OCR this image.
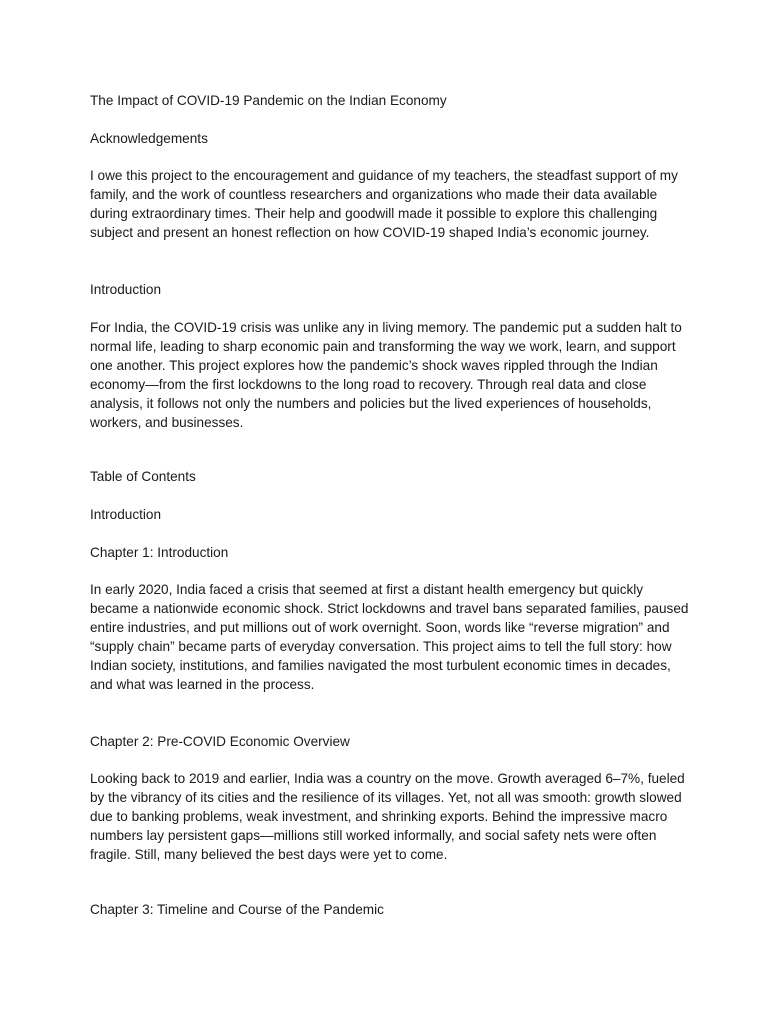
The Impact of COVID-19 Pandemic on the Indian Economy

Acknowledgements

I owe this project to the encouragement and guidance of my teachers, the steadfast support of my family, and the work of countless researchers and organizations who made their data available during extraordinary times. Their help and goodwill made it possible to explore this challenging subject and present an honest reflection on how COVID-19 shaped India’s economic journey.

Introduction

For India, the COVID-19 crisis was unlike any in living memory. The pandemic put a sudden halt to normal life, leading to sharp economic pain and transforming the way we work, learn, and support one another. This project explores how the pandemic’s shock waves rippled through the Indian economy—from the first lockdowns to the long road to recovery. Through real data and close analysis, it follows not only the numbers and policies but the lived experiences of households, workers, and businesses.

Table of Contents

Introduction

Chapter 1: Introduction

In early 2020, India faced a crisis that seemed at first a distant health emergency but quickly became a nationwide economic shock. Strict lockdowns and travel bans separated families, paused entire industries, and put millions out of work overnight. Soon, words like “reverse migration” and “supply chain” became parts of everyday conversation. This project aims to tell the full story: how Indian society, institutions, and families navigated the most turbulent economic times in decades, and what was learned in the process.

Chapter 2: Pre-COVID Economic Overview

Looking back to 2019 and earlier, India was a country on the move. Growth averaged 6–7%, fueled by the vibrancy of its cities and the resilience of its villages. Yet, not all was smooth: growth slowed due to banking problems, weak investment, and shrinking exports. Behind the impressive macro numbers lay persistent gaps—millions still worked informally, and social safety nets were often fragile. Still, many believed the best days were yet to come.

Chapter 3: Timeline and Course of the Pandemic
